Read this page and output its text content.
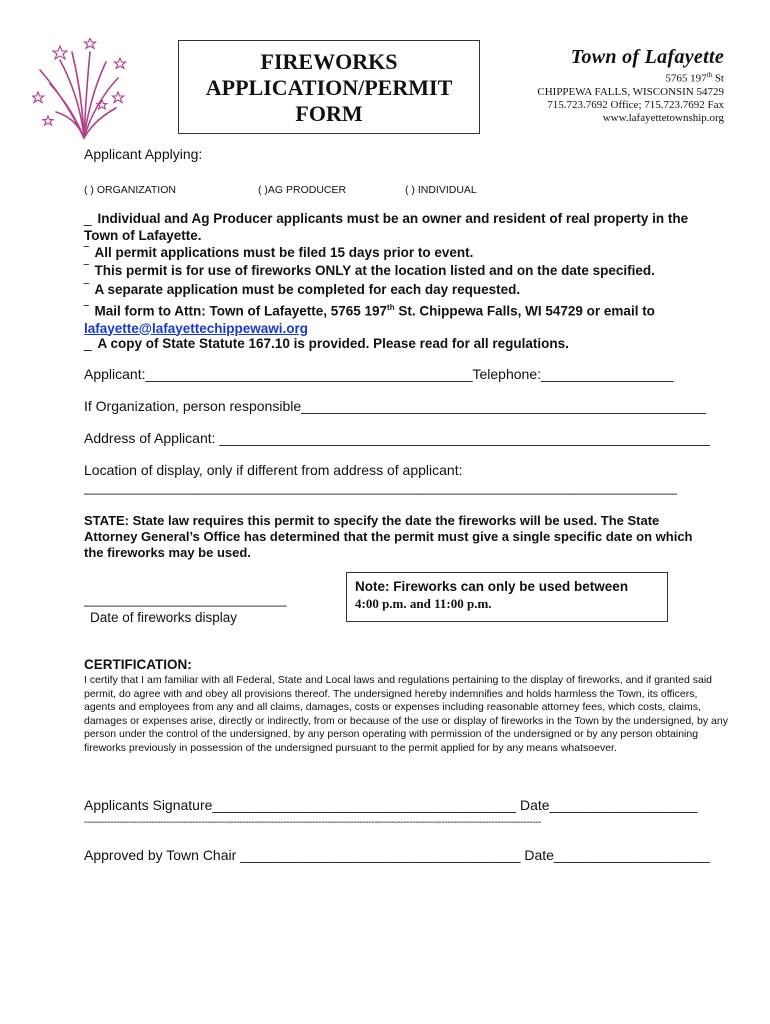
FIREWORKS
APPLICATION/PERMIT
FORM
Town of Lafayette
5765 197th St
CHIPPEWA FALLS, WISCONSIN 54729
715.723.7692 Office; 715.723.7692 Fax
www.lafayettetownship.org
Applicant Applying:
( ) ORGANIZATION	( )AG PRODUCER	( ) INDIVIDUAL
_ Individual and Ag Producer applicants must be an owner and resident of real property in the Town of Lafayette.
‾ All permit applications must be filed 15 days prior to event.
‾ This permit is for use of fireworks ONLY at the location listed and on the date specified.
‾ A separate application must be completed for each day requested.
‾ Mail form to Attn: Town of Lafayette, 5765 197th St. Chippewa Falls, WI 54729 or email to
lafayette@lafayettechippewawi.org
_ A copy of State Statute 167.10 is provided. Please read for all regulations.
Applicant:__________________________________________Telephone:_________________
If Organization, person responsible____________________________________________________
Address of Applicant: _______________________________________________________________
Location of display, only if different from address of applicant:
__________________________________________________________________________________
STATE: State law requires this permit to specify the date the fireworks will be used. The State Attorney General’s Office has determined that the permit must give a single specific date on which the fireworks may be used.
Note: Fireworks can only be used between
4:00 p.m. and 11:00 p.m.
____________________________
Date of fireworks display
CERTIFICATION:
I certify that I am familiar with all Federal, State and Local laws and regulations pertaining to the display of fireworks, and if granted said permit, do agree with and obey all provisions thereof. The undersigned hereby indemnifies and holds harmless the Town, its officers, agents and employees from any and all claims, damages, costs or expenses including reasonable attorney fees, which costs, claims, damages or expenses arise, directly or indirectly, from or because of the use or display of fireworks in the Town by the undersigned, by any person under the control of the undersigned, by any person operating with permission of the undersigned or by any person obtaining fireworks previously in possession of the undersigned pursuant to the permit applied for by any means whatsoever.
Applicants Signature_______________________________________ Date___________________
------------------------------------------------------------------------------------------------------------------------------------------------------------
Approved by Town Chair ____________________________________ Date____________________
